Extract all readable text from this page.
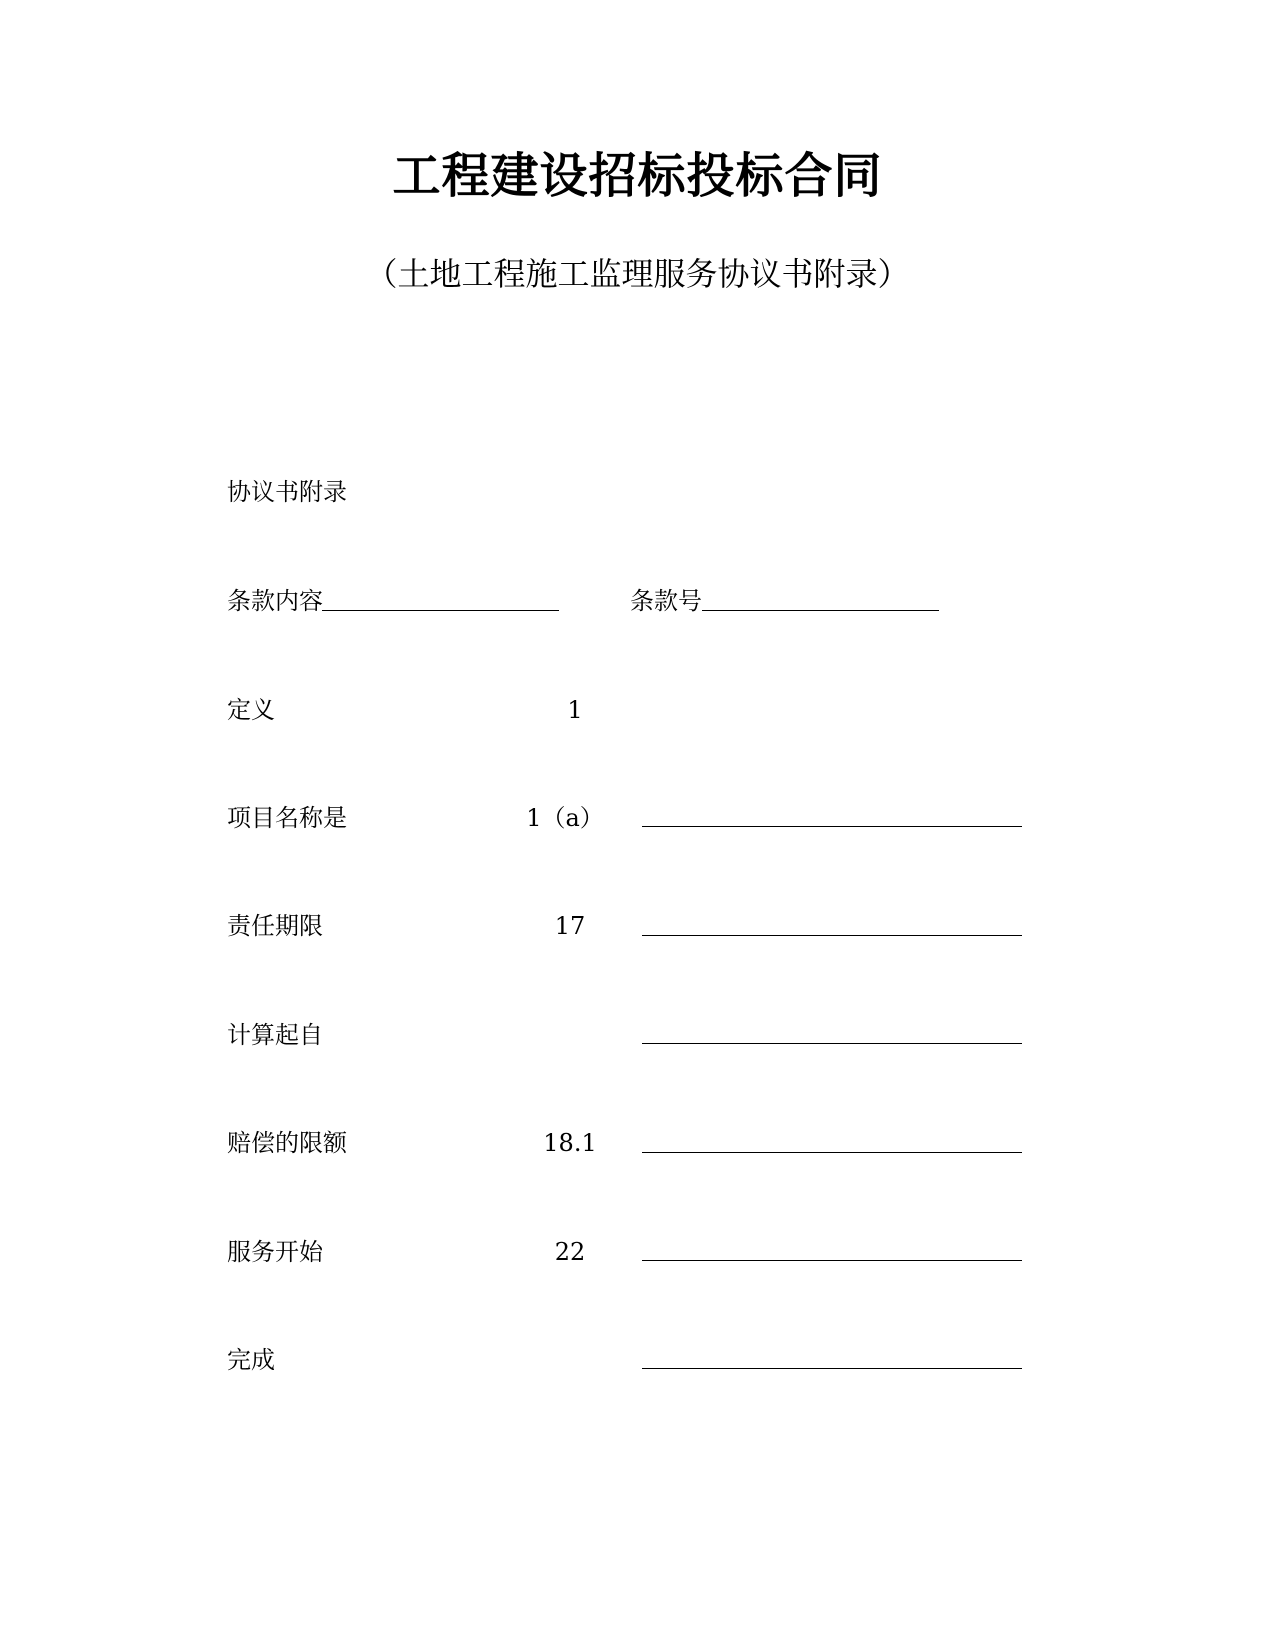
工程建设招标投标合同
（土地工程施工监理服务协议书附录）
协议书附录
条款内容	条款号
定义	1
项目名称是	1（a）
责任期限	17
计算起自
赔偿的限额	18.1
服务开始	22
完成
